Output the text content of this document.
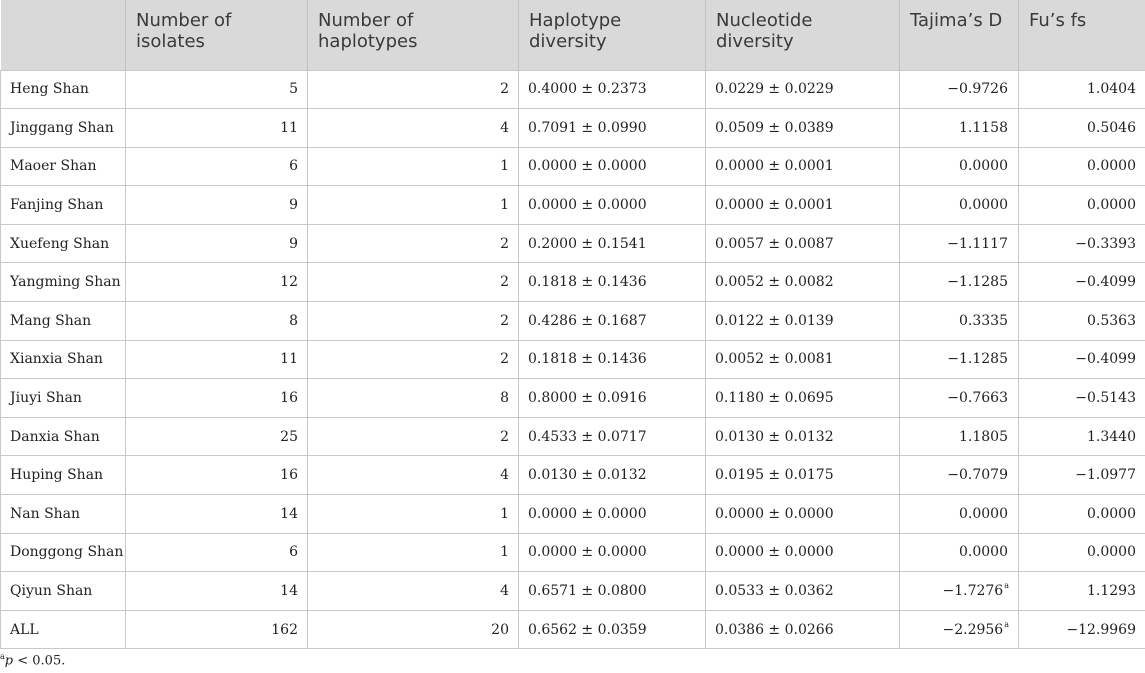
	Number of isolates	Number of haplotypes	Haplotype diversity	Nucleotide diversity	Tajima’s D	Fu’s fs
Heng Shan	5	2	0.4000 ± 0.2373	0.0229 ± 0.0229	−0.9726	1.0404
Jinggang Shan	11	4	0.7091 ± 0.0990	0.0509 ± 0.0389	1.1158	0.5046
Maoer Shan	6	1	0.0000 ± 0.0000	0.0000 ± 0.0001	0.0000	0.0000
Fanjing Shan	9	1	0.0000 ± 0.0000	0.0000 ± 0.0001	0.0000	0.0000
Xuefeng Shan	9	2	0.2000 ± 0.1541	0.0057 ± 0.0087	−1.1117	−0.3393
Yangming Shan	12	2	0.1818 ± 0.1436	0.0052 ± 0.0082	−1.1285	−0.4099
Mang Shan	8	2	0.4286 ± 0.1687	0.0122 ± 0.0139	0.3335	0.5363
Xianxia Shan	11	2	0.1818 ± 0.1436	0.0052 ± 0.0081	−1.1285	−0.4099
Jiuyi Shan	16	8	0.8000 ± 0.0916	0.1180 ± 0.0695	−0.7663	−0.5143
Danxia Shan	25	2	0.4533 ± 0.0717	0.0130 ± 0.0132	1.1805	1.3440
Huping Shan	16	4	0.0130 ± 0.0132	0.0195 ± 0.0175	−0.7079	−1.0977
Nan Shan	14	1	0.0000 ± 0.0000	0.0000 ± 0.0000	0.0000	0.0000
Donggong Shan	6	1	0.0000 ± 0.0000	0.0000 ± 0.0000	0.0000	0.0000
Qiyun Shan	14	4	0.6571 ± 0.0800	0.0533 ± 0.0362	−1.7276$^a$	1.1293
ALL	162	20	0.6562 ± 0.0359	0.0386 ± 0.0266	−2.2956$^a$	−12.9969
$^a$p < 0.05.
